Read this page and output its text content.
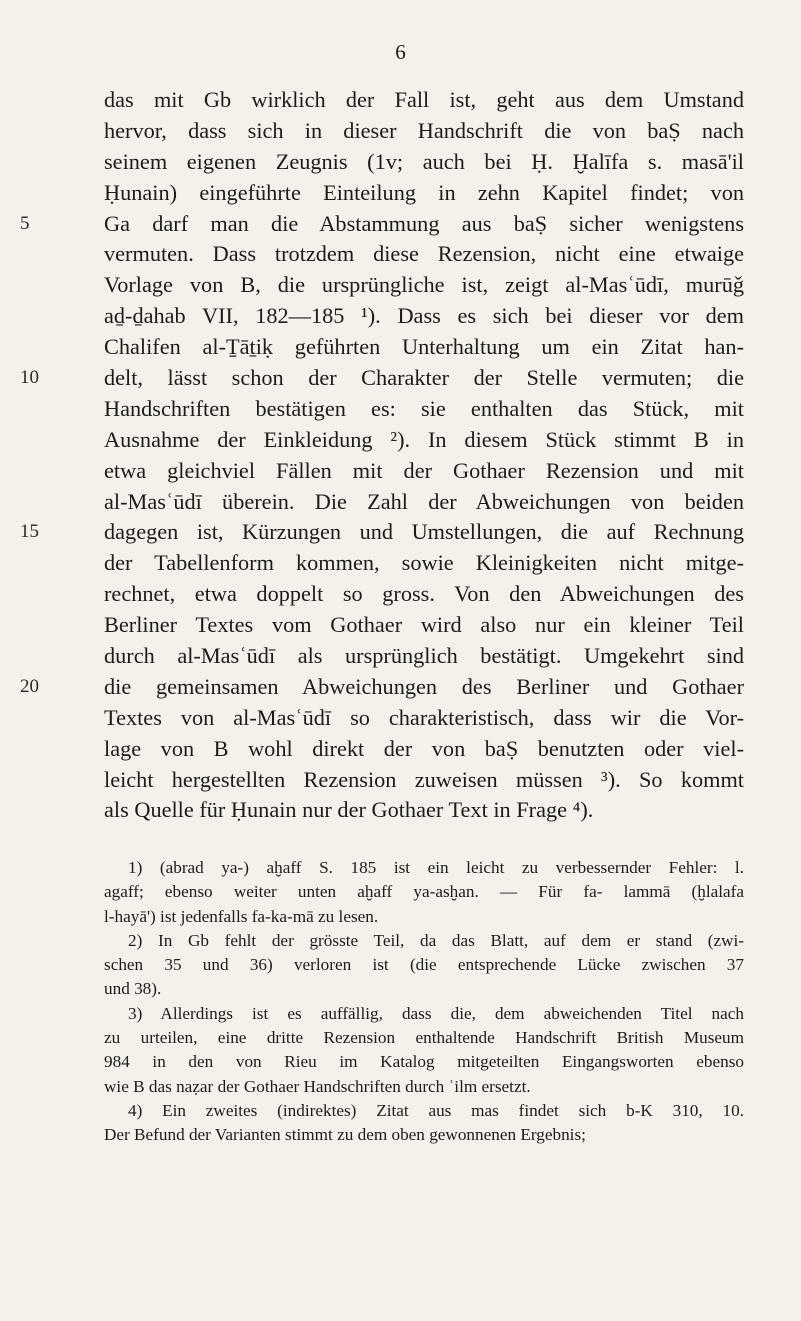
6
das mit Gb wirklich der Fall ist, geht aus dem Umstand
hervor, dass sich in dieser Handschrift die von baṢ nach
seinem eigenen Zeugnis (1v; auch bei Ḥ. Ḫalīfa s. masā'il
Ḥunain) eingeführte Einteilung in zehn Kapitel findet; von
5	Ga darf man die Abstammung aus baṢ sicher wenigstens
vermuten. Dass trotzdem diese Rezension, nicht eine etwaige
Vorlage von B, die ursprüngliche ist, zeigt al-Masʿūdī, murūǧ
aḏ-ḏahab VII, 182—185 ¹). Dass es sich bei dieser vor dem
Chalifen al-Ṯāṯiḳ geführten Unterhaltung um ein Zitat han-
10	delt, lässt schon der Charakter der Stelle vermuten; die
Handschriften bestätigen es: sie enthalten das Stück, mit
Ausnahme der Einkleidung ²). In diesem Stück stimmt B in
etwa gleichviel Fällen mit der Gothaer Rezension und mit
al-Masʿūdī überein. Die Zahl der Abweichungen von beiden
15	dagegen ist, Kürzungen und Umstellungen, die auf Rechnung
der Tabellenform kommen, sowie Kleinigkeiten nicht mitge-
rechnet, etwa doppelt so gross. Von den Abweichungen des
Berliner Textes vom Gothaer wird also nur ein kleiner Teil
durch al-Masʿūdī als ursprünglich bestätigt. Umgekehrt sind
20	die gemeinsamen Abweichungen des Berliner und Gothaer
Textes von al-Masʿūdī so charakteristisch, dass wir die Vor-
lage von B wohl direkt der von baṢ benutzten oder viel-
leicht hergestellten Rezension zuweisen müssen ³). So kommt
als Quelle für Ḥunain nur der Gothaer Text in Frage ⁴).
1) (abrad ya-) aḫaff S. 185 ist ein leicht zu verbessernder Fehler: l.
agaff; ebenso weiter unten aḫaff ya-asḫan. — Für fa- lammā (ḫlalafa
l-hayā') ist jedenfalls fa-ka-mā zu lesen.
2) In Gb fehlt der grösste Teil, da das Blatt, auf dem er stand (zwi-
schen 35 und 36) verloren ist (die entsprechende Lücke zwischen 37
und 38).
3) Allerdings ist es auffällig, dass die, dem abweichenden Titel nach
zu urteilen, eine dritte Rezension enthaltende Handschrift British Museum
984 in den von Rieu im Katalog mitgeteilten Eingangsworten ebenso
wie B das naẓar der Gothaer Handschriften durch ʿilm ersetzt.
4) Ein zweites (indirektes) Zitat aus mas findet sich b-K 310, 10.
Der Befund der Varianten stimmt zu dem oben gewonnenen Ergebnis;
